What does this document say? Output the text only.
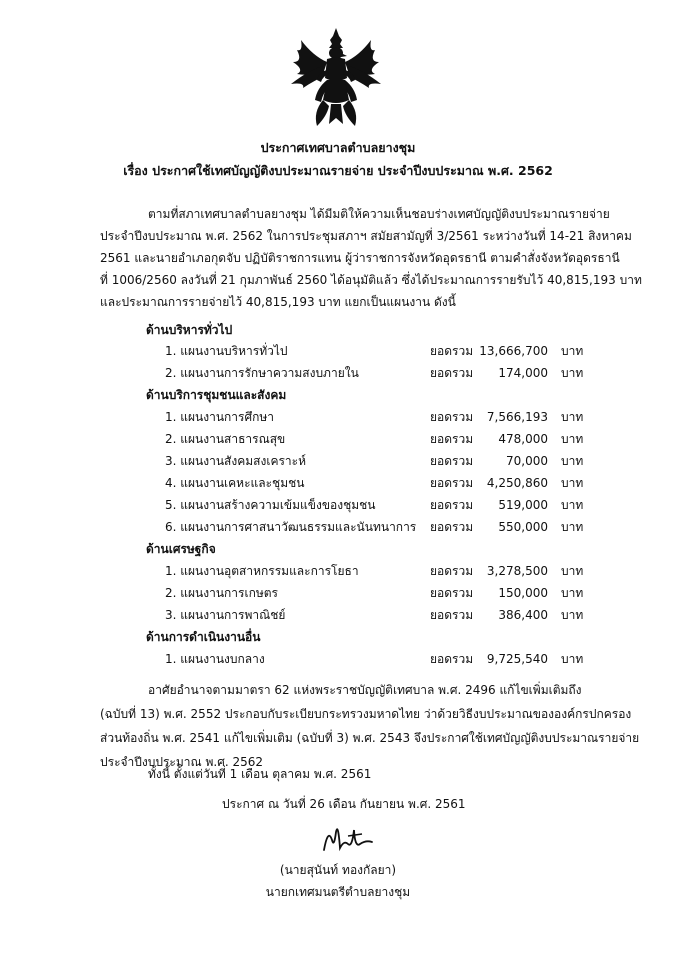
ประกาศเทศบาลตำบลยางชุม
เรื่อง ประกาศใช้เทศบัญญัติงบประมาณรายจ่าย ประจำปีงบประมาณ พ.ศ. 2562
ตามที่สภาเทศบาลตำบลยางชุม ได้มีมติให้ความเห็นชอบร่างเทศบัญญัติงบประมาณรายจ่าย
ประจำปีงบประมาณ พ.ศ. 2562 ในการประชุมสภาฯ สมัยสามัญที่ 3/2561 ระหว่างวันที่ 14-21 สิงหาคม
2561 และนายอำเภอกุดจับ ปฏิบัติราชการแทน ผู้ว่าราชการจังหวัดอุดรธานี ตามคำสั่งจังหวัดอุดรธานี
ที่ 1006/2560 ลงวันที่ 21 กุมภาพันธ์ 2560 ได้อนุมัติแล้ว ซึ่งได้ประมาณการรายรับไว้ 40,815,193 บาท
และประมาณการรายจ่ายไว้ 40,815,193 บาท แยกเป็นแผนงาน ดังนี้
ด้านบริหารทั่วไป
1. แผนงานบริหารทั่วไป	ยอดรวม 13,666,700 บาท
2. แผนงานการรักษาความสงบภายใน	ยอดรวม 174,000 บาท
ด้านบริการชุมชนและสังคม
1. แผนงานการศึกษา	ยอดรวม 7,566,193 บาท
2. แผนงานสาธารณสุข	ยอดรวม 478,000 บาท
3. แผนงานสังคมสงเคราะห์	ยอดรวม	70,000 บาท
4. แผนงานเคหะและชุมชน	ยอดรวม 4,250,860 บาท
5. แผนงานสร้างความเข้มแข็งของชุมชน	ยอดรวม 519,000 บาท
6. แผนงานการศาสนาวัฒนธรรมและนันทนาการ ยอดรวม 550,000 บาท
ด้านเศรษฐกิจ
1. แผนงานอุตสาหกรรมและการโยธา	ยอดรวม 3,278,500 บาท
2. แผนงานการเกษตร	ยอดรวม 150,000 บาท
3. แผนงานการพาณิชย์	ยอดรวม 386,400 บาท
ด้านการดำเนินงานอื่น
1. แผนงานงบกลาง	ยอดรวม 9,725,540 บาท
อาศัยอำนาจตามมาตรา 62 แห่งพระราชบัญญัติเทศบาล พ.ศ. 2496 แก้ไขเพิ่มเติมถึง
(ฉบับที่ 13) พ.ศ. 2552 ประกอบกับระเบียบกระทรวงมหาดไทย ว่าด้วยวิธีงบประมาณขององค์กรปกครอง
ส่วนท้องถิ่น พ.ศ. 2541 แก้ไขเพิ่มเติม (ฉบับที่ 3) พ.ศ. 2543 จึงประกาศใช้เทศบัญญัติงบประมาณรายจ่าย
ประจำปีงบประมาณ พ.ศ. 2562
ทั้งนี้ ตั้งแต่วันที่ 1 เดือน ตุลาคม พ.ศ. 2561
ประกาศ ณ วันที่ 26 เดือน กันยายน พ.ศ. 2561
(นายสุนันท์ ทองกัลยา)
นายกเทศมนตรีตำบลยางชุม
